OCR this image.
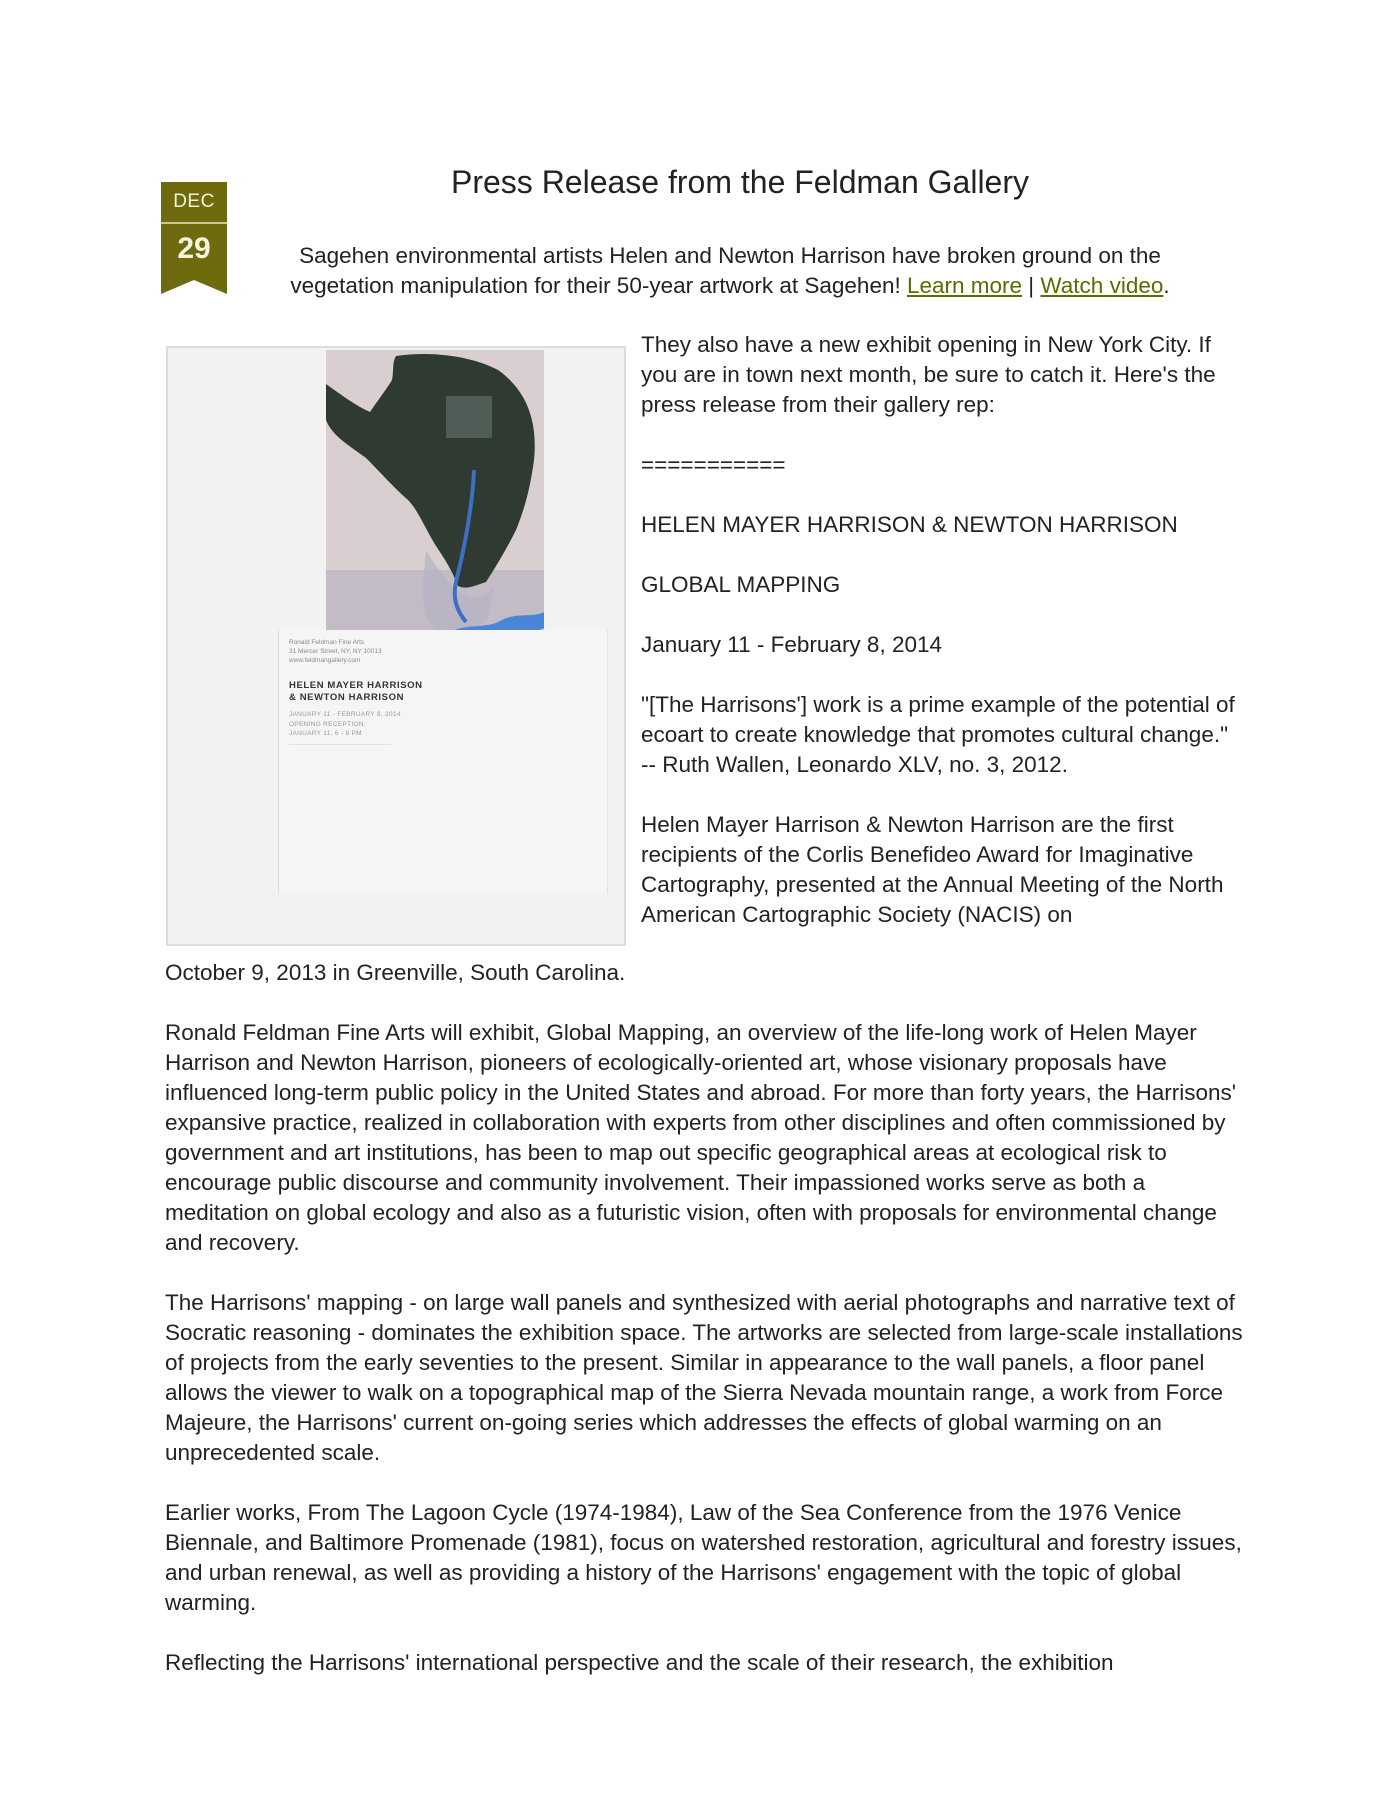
DEC
29
Press Release from the Feldman Gallery
Sagehen environmental artists Helen and Newton Harrison have broken ground on the vegetation manipulation for their 50-year artwork at Sagehen! Learn more | Watch video.
Ronald Feldman Fine Arts
31 Mercer Street, NY, NY 10013
www.feldmangallery.com
HELEN MAYER HARRISON
& NEWTON HARRISON
JANUARY 11 - FEBRUARY 8, 2014
OPENING RECEPTION:
JANUARY 11, 6 - 8 PM
────────────────────────────────────

They also have a new exhibit opening in New York City. If you are in town next month, be sure to catch it. Here's the press release from their gallery rep:

===========

HELEN MAYER HARRISON & NEWTON HARRISON

GLOBAL MAPPING

January 11 - February 8, 2014

"[The Harrisons'] work is a prime example of the potential of ecoart to create knowledge that promotes cultural change." -- Ruth Wallen, Leonardo XLV, no. 3, 2012.

Helen Mayer Harrison & Newton Harrison are the first recipients of the Corlis Benefideo Award for Imaginative Cartography, presented at the Annual Meeting of the North American Cartographic Society (NACIS) on

October 9, 2013 in Greenville, South Carolina.

Ronald Feldman Fine Arts will exhibit, Global Mapping, an overview of the life-long work of Helen Mayer Harrison and Newton Harrison, pioneers of ecologically-oriented art, whose visionary proposals have influenced long-term public policy in the United States and abroad. For more than forty years, the Harrisons' expansive practice, realized in collaboration with experts from other disciplines and often commissioned by government and art institutions, has been to map out specific geographical areas at ecological risk to encourage public discourse and community involvement. Their impassioned works serve as both a meditation on global ecology and also as a futuristic vision, often with proposals for environmental change and recovery.

The Harrisons' mapping - on large wall panels and synthesized with aerial photographs and narrative text of Socratic reasoning - dominates the exhibition space. The artworks are selected from large-scale installations of projects from the early seventies to the present. Similar in appearance to the wall panels, a floor panel allows the viewer to walk on a topographical map of the Sierra Nevada mountain range, a work from Force Majeure, the Harrisons' current on-going series which addresses the effects of global warming on an unprecedented scale.

Earlier works, From The Lagoon Cycle (1974-1984), Law of the Sea Conference from the 1976 Venice Biennale, and Baltimore Promenade (1981), focus on watershed restoration, agricultural and forestry issues, and urban renewal, as well as providing a history of the Harrisons' engagement with the topic of global warming.

Reflecting the Harrisons' international perspective and the scale of their research, the exhibition
